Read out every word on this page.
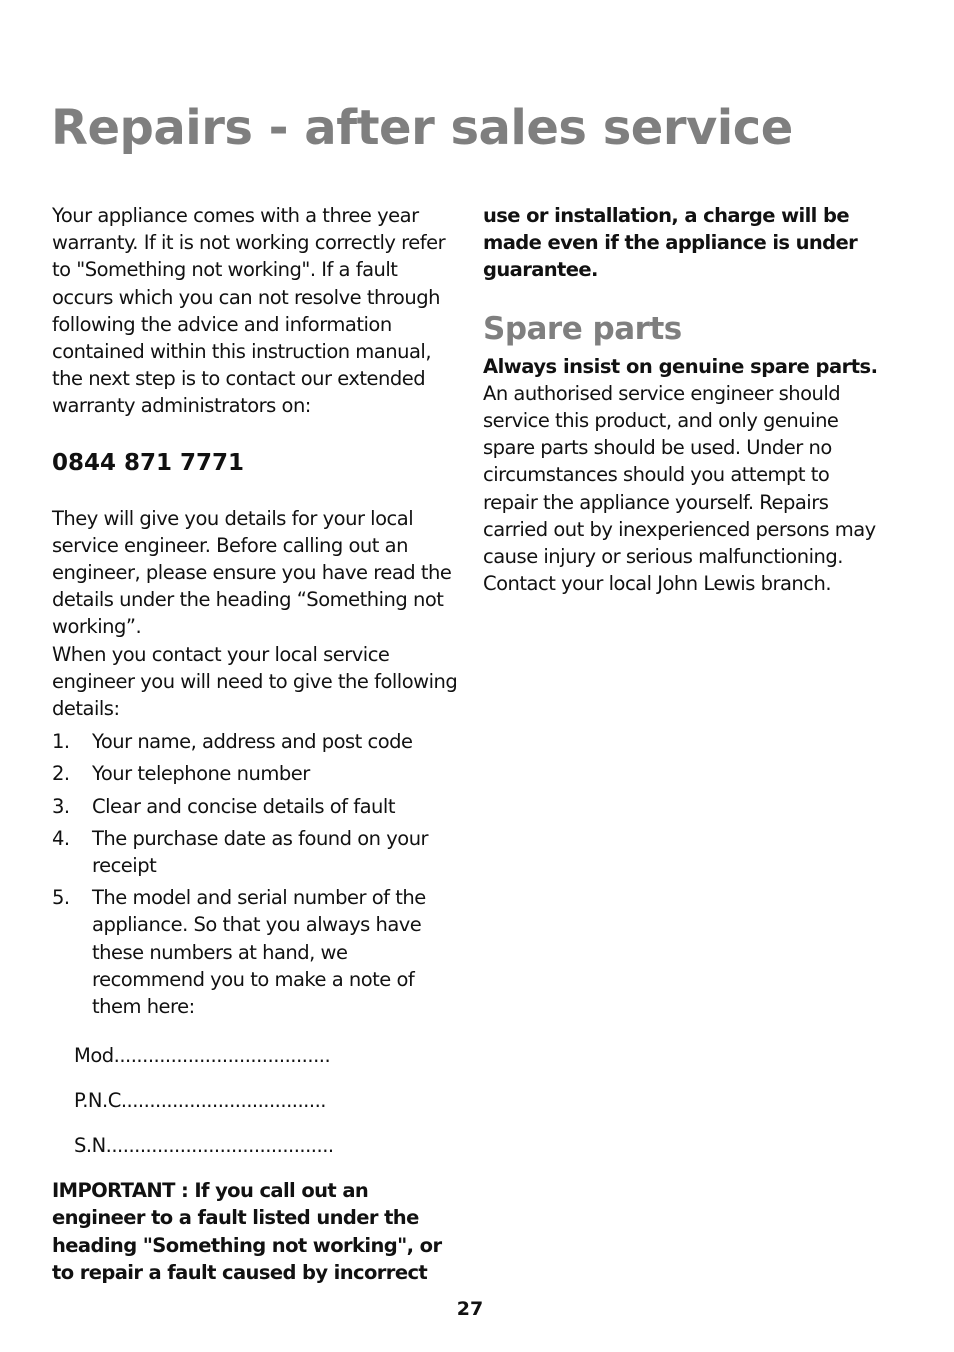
Repairs - after sales service

Your appliance comes with a three year warranty. If it is not working correctly refer to "Something not working". If a fault occurs which you can not resolve through following the advice and information contained within this instruction manual, the next step is to contact our extended warranty administrators on:

0844 871 7771

They will give you details for your local service engineer. Before calling out an engineer, please ensure you have read the details under the heading “Something not working”.

When you contact your local service engineer you will need to give the following details:

1.	Your name, address and post code
2.	Your telephone number
3.	Clear and concise details of fault
4.	The purchase date as found on your receipt
5.	The model and serial number of the appliance. So that you always have these numbers at hand, we recommend you to make a note of them here:
Mod......................................
P.N.C....................................
S.N........................................

IMPORTANT : If you call out an engineer to a fault listed under the heading "Something not working", or to repair a fault caused by incorrect

use or installation, a charge will be made even if the appliance is under guarantee.

Spare parts

Always insist on genuine spare parts.

An authorised service engineer should service this product, and only genuine spare parts should be used. Under no circumstances should you attempt to repair the appliance yourself. Repairs carried out by inexperienced persons may cause injury or serious malfunctioning. Contact your local John Lewis branch.

27
